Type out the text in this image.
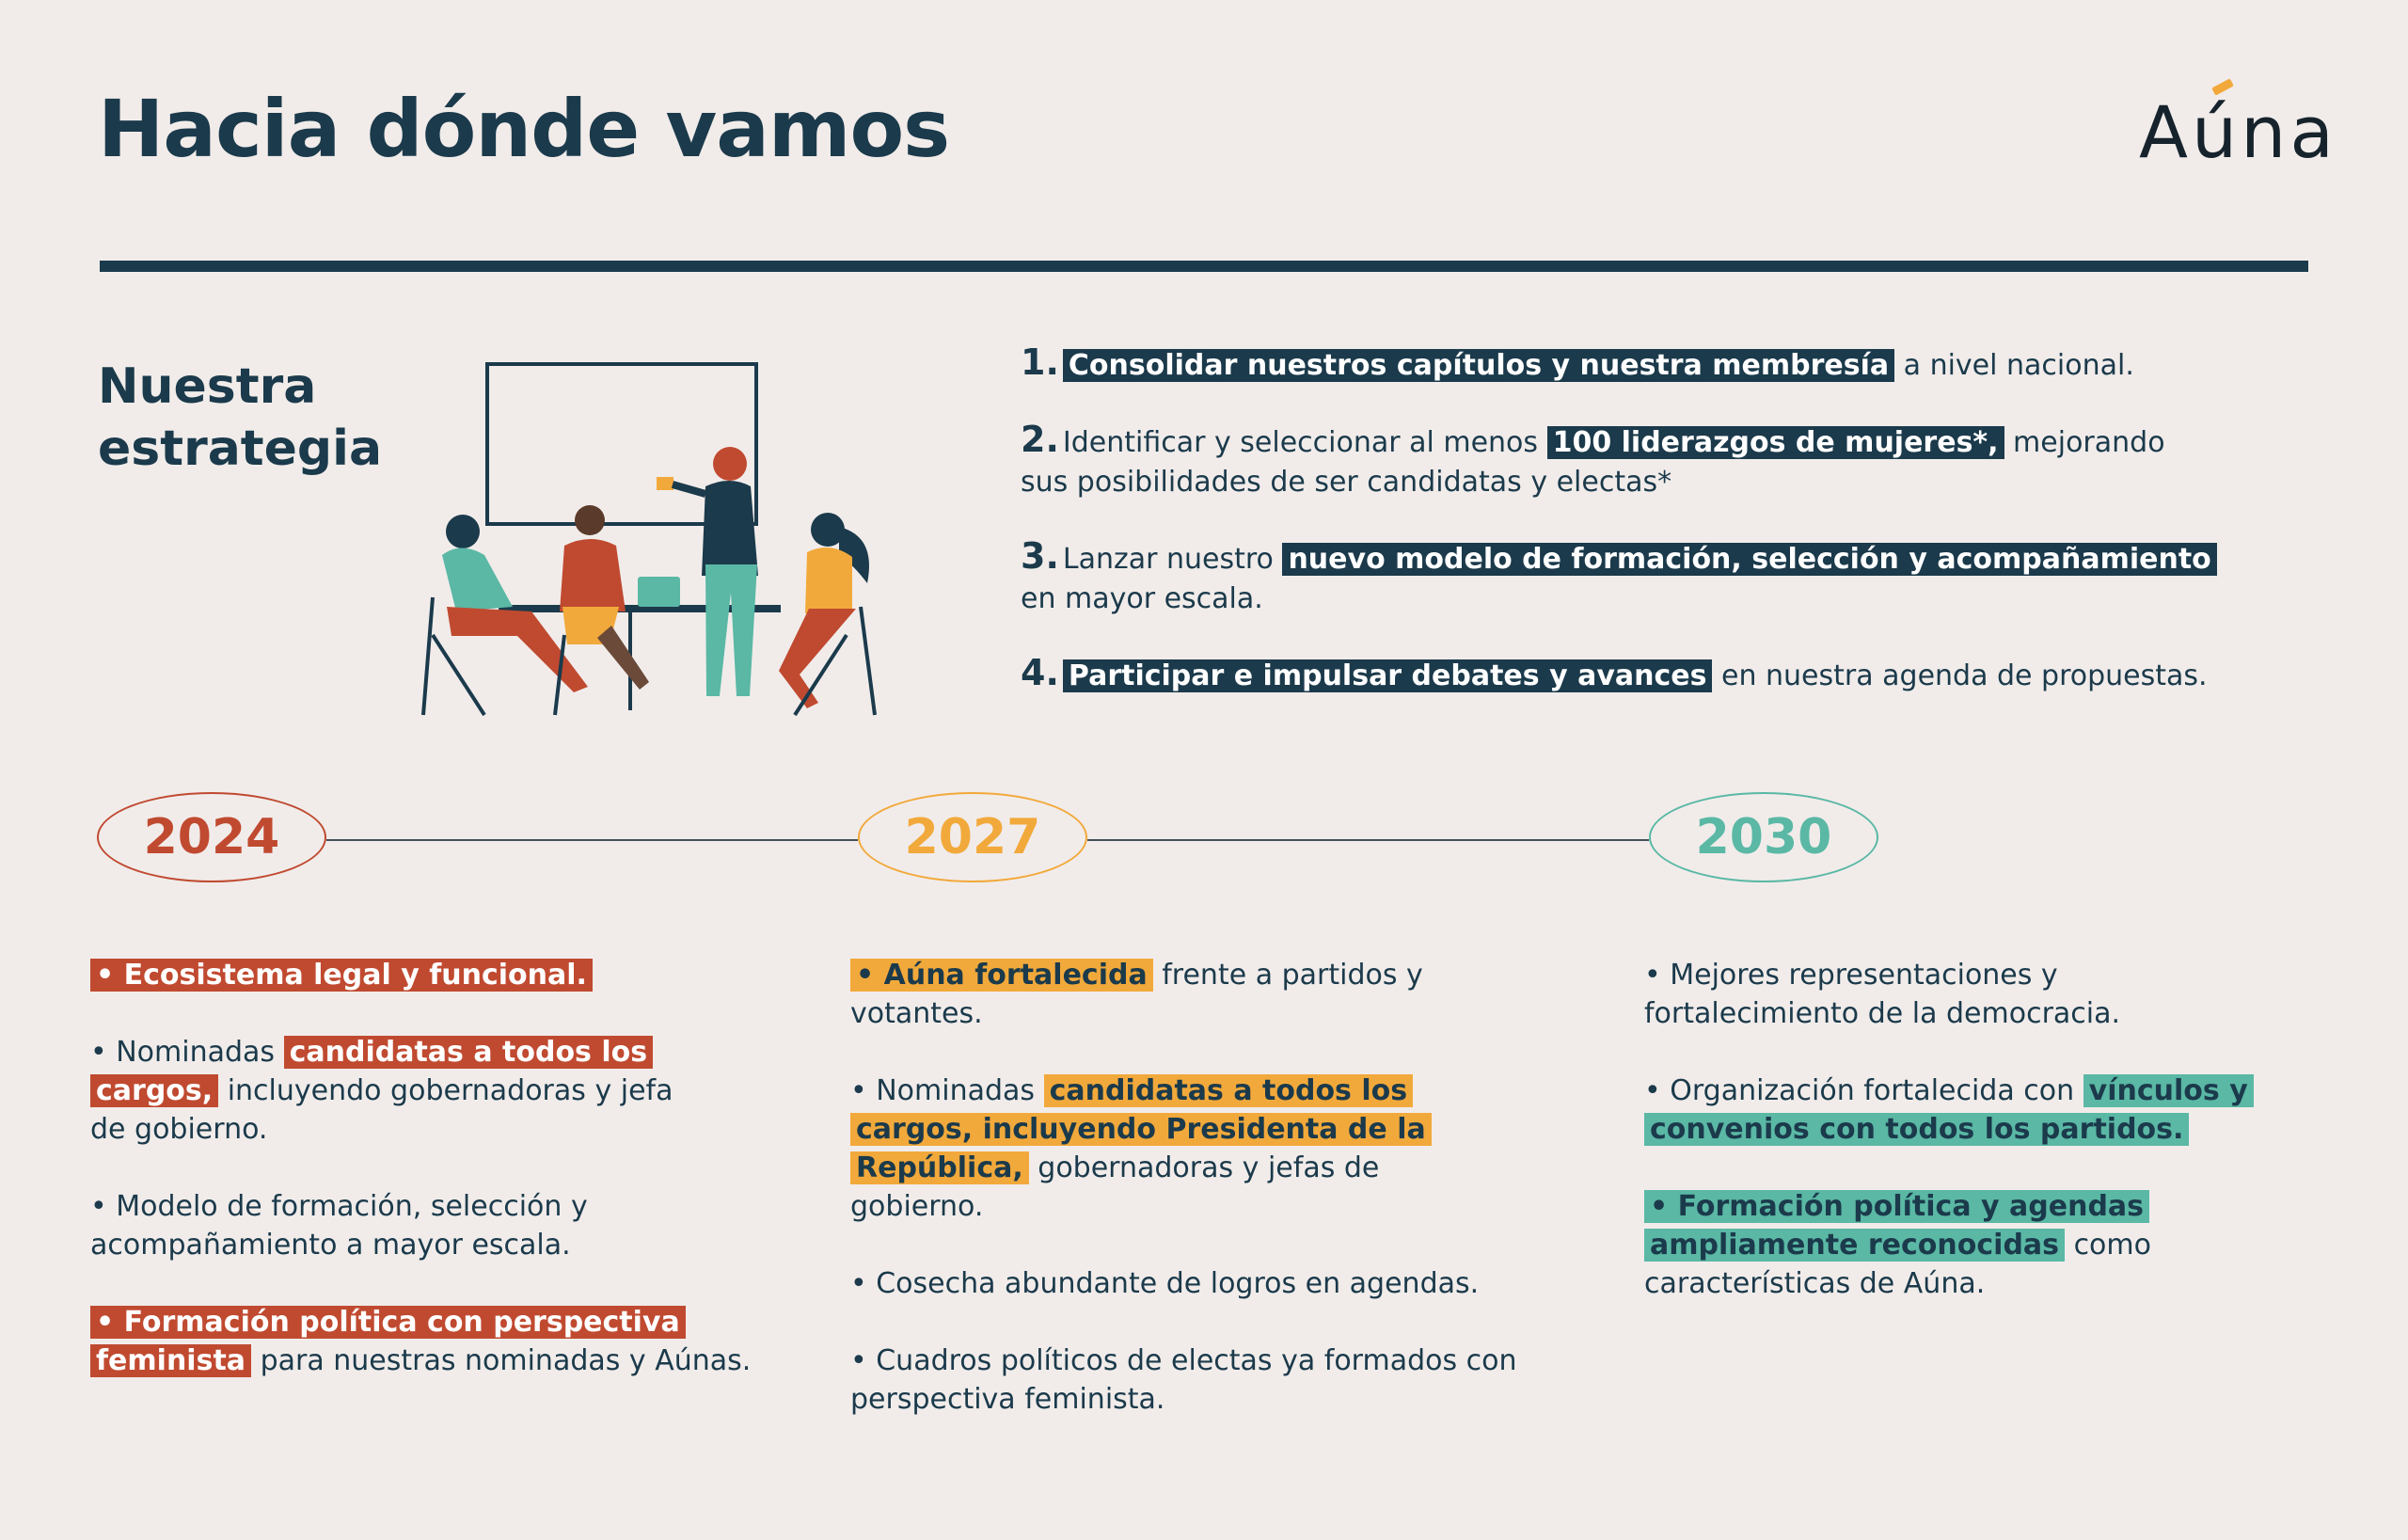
Hacia dónde vamos	Aú
na
Nuestra
estrategia
1. Consolidar nuestros capítulos y nuestra membresía a nivel nacional.
2. Identificar y seleccionar al menos 100 liderazgos de mujeres*, mejorando
sus posibilidades de ser candidatas y electas*
3. Lanzar nuestro nuevo modelo de formación, selección y acompañamiento
en mayor escala.
4. Participar e impulsar debates y avances en nuestra agenda de propuestas.
2024	2027	2030

• Ecosistema legal y funcional.

• Nominadas candidatas a todos los cargos, incluyendo gobernadoras y jefa de gobierno.

• Modelo de formación, selección y acompañamiento a mayor escala.

• Formación política con perspectiva feminista para nuestras nominadas y Aúnas.

• Aúna fortalecida frente a partidos y votantes.

• Nominadas candidatas a todos los cargos, incluyendo Presidenta de la República, gobernadoras y jefas de gobierno.

• Cosecha abundante de logros en agendas.

• Cuadros políticos de electas ya formados con perspectiva feminista.

• Mejores representaciones y fortalecimiento de la democracia.

• Organización fortalecida con vínculos y convenios con todos los partidos.

• Formación política y agendas ampliamente reconocidas como características de Aúna.
